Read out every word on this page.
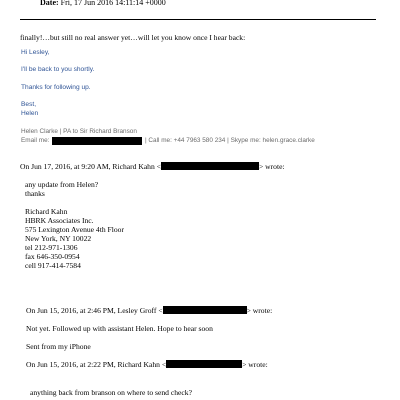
Date: Fri, 17 Jun 2016 14:11:14 +0000
finally!…but still no real answer yet…will let you know once I hear back:
Hi Lesley,
I'll be back to you shortly.
Thanks for following up.
Best,
Helen
Helen Clarke | PA to Sir Richard Branson
Email me:	| Call me: +44 7963 580 234 | Skype me: helen.grace.clarke
On Jun 17, 2016, at 9:20 AM, Richard Kahn <	> wrote:
any update from Helen?
thanks
Richard Kahn
HBRK Associates Inc.
575 Lexington Avenue 4th Floor
New York, NY 10022
tel 212-971-1306
fax 646-350-0954
cell 917-414-7584
On Jun 15, 2016, at 2:46 PM, Lesley Groff <	> wrote:
Not yet. Followed up with assistant Helen. Hope to hear soon
Sent from my iPhone
On Jun 15, 2016, at 2:22 PM, Richard Kahn <	> wrote:
anything back from branson on where to send check?
